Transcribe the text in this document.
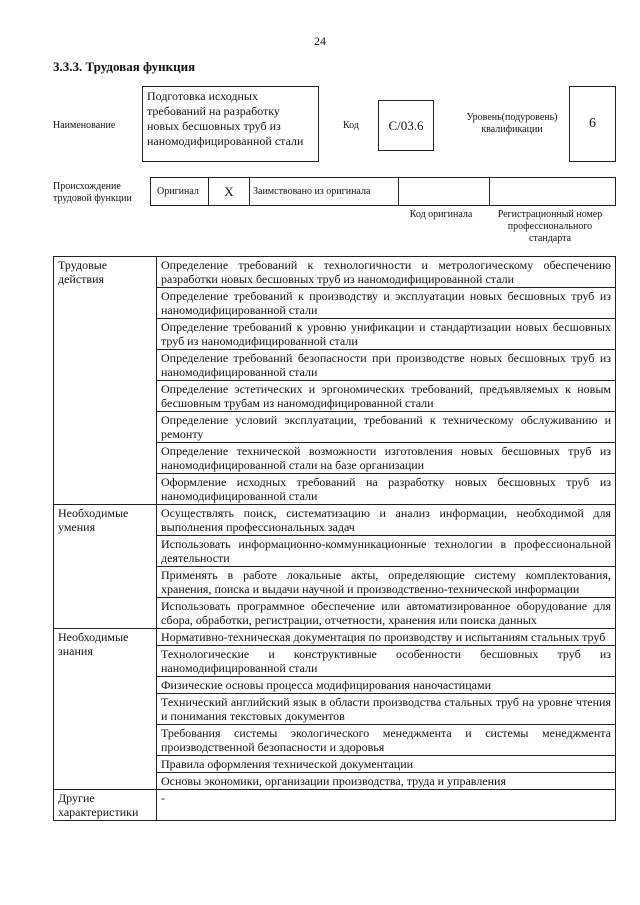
24
3.3.3. Трудовая функция
Наименование
Подготовка исходных требований на разработку новых бесшовных труб из наномодифицированной стали
Код C/03.6	Уровень(подуровень) квалификации	6
Происхождение трудовой функции
Оригинал X Заимствовано из оригинала
Код оригинала	Регистрационный номер профессионального стандарта
Трудовые действия	Определение требований к технологичности и метрологическому обеспечению разработки новых бесшовных труб из наномодифицированной стали
	Определение требований к производству и эксплуатации новых бесшовных труб из наномодифицированной стали
	Определение требований к уровню унификации и стандартизации новых бесшовных труб из наномодифицированной стали
	Определение требований безопасности при производстве новых бесшовных труб из наномодифицированной стали
	Определение эстетических и эргономических требований, предъявляемых к новым бесшовным трубам из наномодифицированной стали
	Определение условий эксплуатации, требований к техническому обслуживанию и ремонту
	Определение технической возможности изготовления новых бесшовных труб из наномодифицированной стали на базе организации
	Оформление исходных требований на разработку новых бесшовных труб из наномодифицированной стали
Необходимые умения	Осуществлять поиск, систематизацию и анализ информации, необходимой для выполнения профессиональных задач
	Использовать информационно-коммуникационные технологии в профессиональной деятельности
	Применять в работе локальные акты, определяющие систему комплектования, хранения, поиска и выдачи научной и производственно-технической информации
	Использовать программное обеспечение или автоматизированное оборудование для сбора, обработки, регистрации, отчетности, хранения или поиска данных
Необходимые знания	Нормативно-техническая документация по производству и испытаниям стальных труб
	Технологические и конструктивные особенности бесшовных труб из наномодифицированной стали
	Физические основы процесса модифицирования наночастицами
	Технический английский язык в области производства стальных труб на уровне чтения и понимания текстовых документов
	Требования системы экологического менеджмента и системы менеджмента производственной безопасности и здоровья
	Правила оформления технической документации
	Основы экономики, организации производства, труда и управления
Другие характеристики	-
